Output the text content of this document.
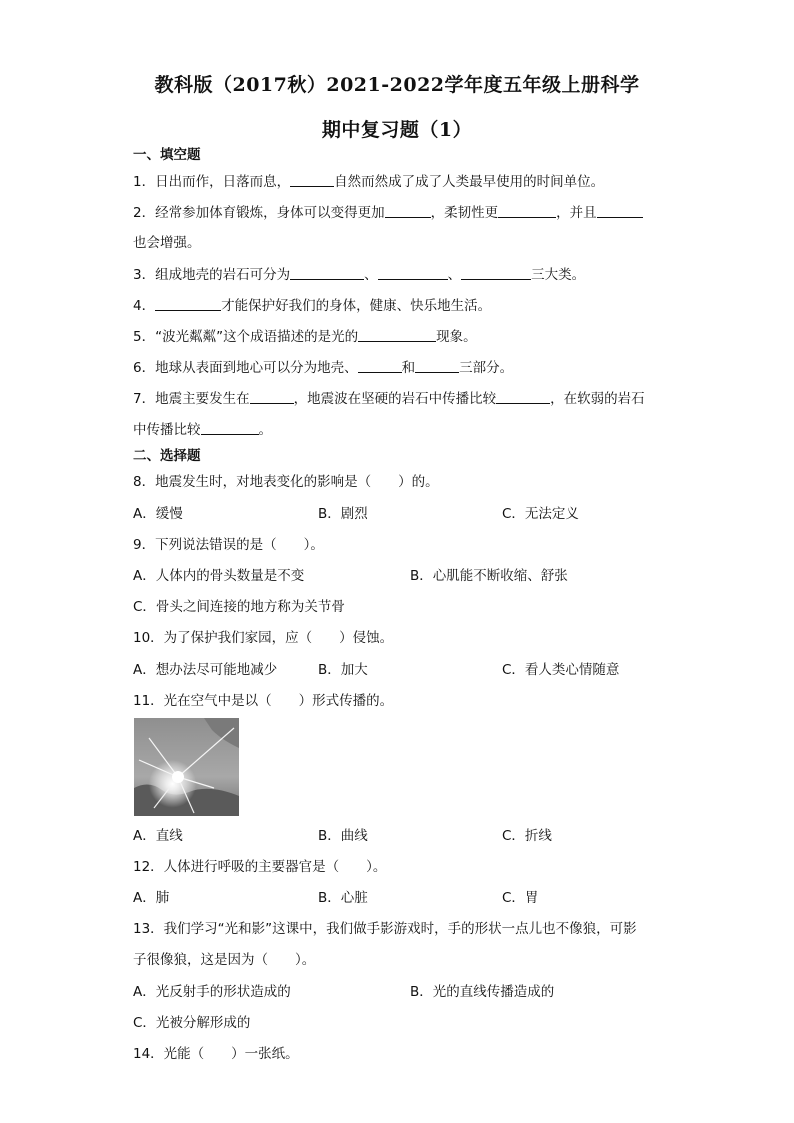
教科版（2017秋）2021-2022学年度五年级上册科学
期中复习题（1）
一、填空题
1．日出而作，日落而息，	自然而然成了成了人类最早使用的时间单位。
2．经常参加体育锻炼，身体可以变得更加	，柔韧性更	，并且
也会增强。
3．组成地壳的岩石可分为	、	、	三大类。
4．	才能保护好我们的身体，健康、快乐地生活。
5．“波光粼粼”这个成语描述的是光的	现象。
6．地球从表面到地心可以分为地壳、	和	三部分。
7．地震主要发生在	，地震波在坚硬的岩石中传播比较	，在软弱的岩石
中传播比较	。
二、选择题
8．地震发生时，对地表变化的影响是（　　）的。
A．缓慢	B．剧烈	C．无法定义
9．下列说法错误的是（　　）。
A．人体内的骨头数量是不变	B．心肌能不断收缩、舒张
C．骨头之间连接的地方称为关节骨
10．为了保护我们家园，应（　　）侵蚀。
A．想办法尽可能地减少	B．加大	C．看人类心情随意
11．光在空气中是以（　　）形式传播的。
A．直线	B．曲线	C．折线
12．人体进行呼吸的主要器官是（　　）。
A．肺	B．心脏	C．胃
13．我们学习“光和影”这课中，我们做手影游戏时，手的形状一点儿也不像狼，可影
子很像狼，这是因为（　　）。
A．光反射手的形状造成的	B．光的直线传播造成的
C．光被分解形成的
14．光能（　　）一张纸。
